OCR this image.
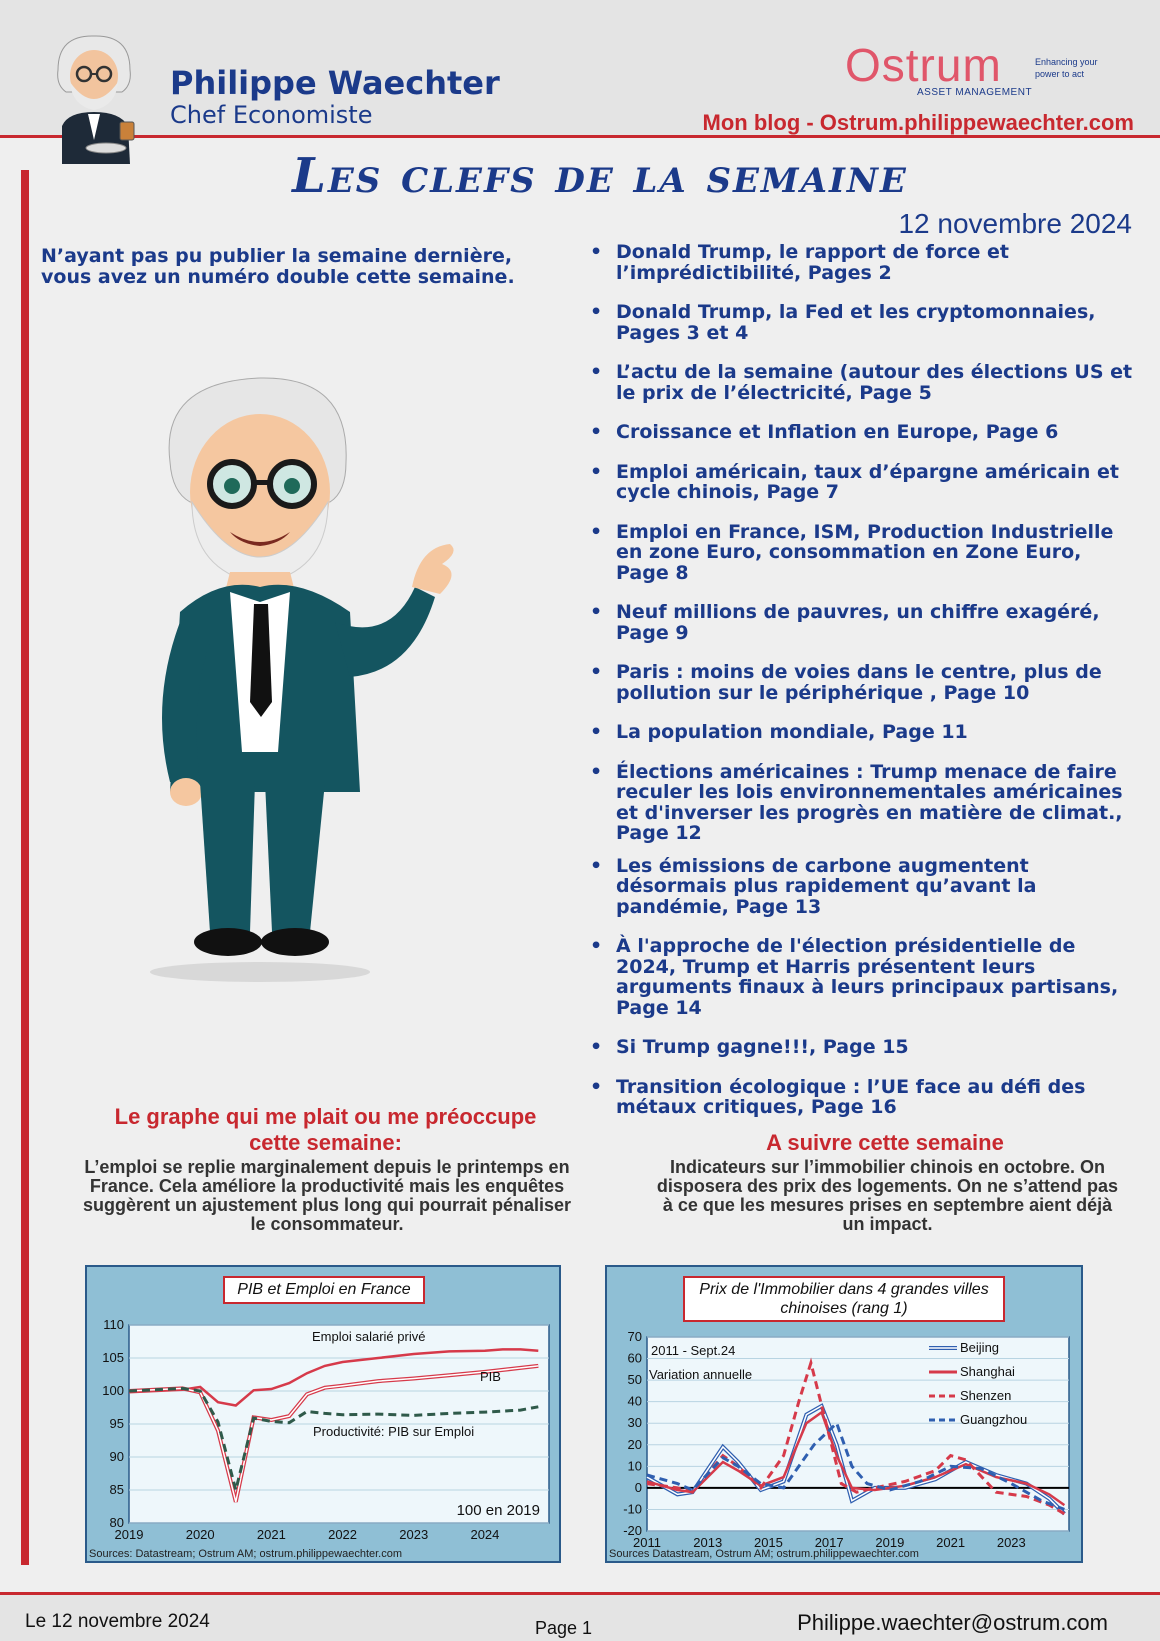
Philippe Waechter
Chef Economiste
Ostrum
ASSET MANAGEMENT
Enhancing your power to act
Mon blog - Ostrum.philippewaechter.com
Les clefs de la semaine
12 novembre 2024
N’ayant pas pu publier la semaine dernière, vous avez un numéro double cette semaine.
• Donald Trump, le rapport de force et l’imprédictibilité, Pages 2
• Donald Trump, la Fed et les cryptomonnaies, Pages 3 et 4
• L’actu de la semaine (autour des élections US et le prix de l’électricité, Page 5
• Croissance et Inflation en Europe, Page 6
• Emploi américain, taux d’épargne américain et cycle chinois, Page 7
• Emploi en France, ISM, Production Industrielle en zone Euro, consommation en Zone Euro, Page 8
• Neuf millions de pauvres, un chiffre exagéré, Page 9
• Paris : moins de voies dans le centre, plus de pollution sur le périphérique , Page 10
• La population mondiale, Page 11
• Élections américaines : Trump menace de faire reculer les lois environnementales américaines et d'inverser les progrès en matière de climat., Page 12
• Les émissions de carbone augmentent désormais plus rapidement qu’avant la pandémie, Page 13
• À l'approche de l'élection présidentielle de 2024, Trump et Harris présentent leurs arguments finaux à leurs principaux partisans, Page 14
• Si Trump gagne!!!, Page 15
• Transition écologique : l’UE face au défi des métaux critiques, Page 16
Le graphe qui me plait ou me préoccupe cette semaine:
L’emploi se replie marginalement depuis le printemps en France. Cela améliore la productivité mais les enquêtes suggèrent un ajustement plus long qui pourrait pénaliser le consommateur.
A suivre cette semaine
Indicateurs sur l’immobilier chinois en octobre. On disposera des prix des logements. On ne s’attend pas à ce que les mesures prises en septembre aient déjà un impact.
80
85
90
95
100
105
110
2019	2020	2021	2022	2023	2024
PIB et Emploi en France
Sources: Datastream; Ostrum AM; ostrum.philippewaechter.com
Emploi salarié privé
PIB
Productivité: PIB sur Emploi
100 en 2019
-20
-10
0
10
20
30
40
50
60
70
2011 2013 2015 2017 2019 2021 2023
Prix de l'Immobilier dans 4 grandes villes
chinoises (rang 1)
Sources Datastream, Ostrum AM; ostrum.philippewaechter.com
2011 - Sept.24
Variation annuelle
Beijing
Shanghai
Shenzen
Guangzhou
Le 12 novembre 2024	Page 1	Philippe.waechter@ostrum.com
